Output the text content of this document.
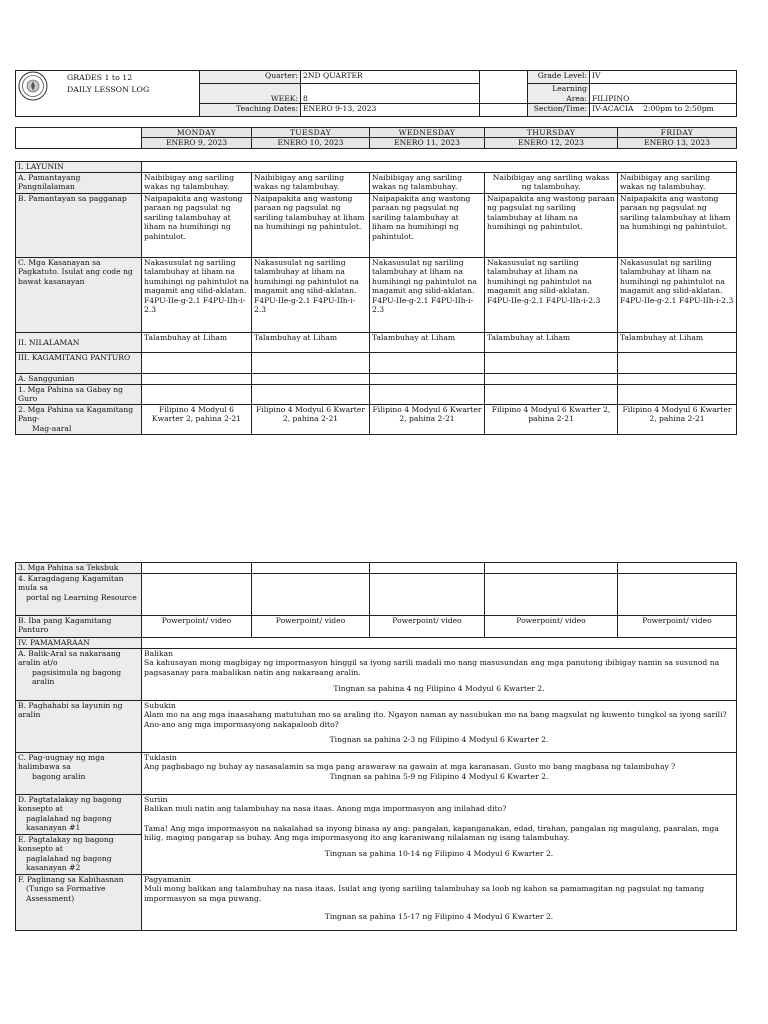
GRADES 1 to 12
DAILY LESSON LOG
Quarter:	2ND QUARTER		Grade Level:	IV
WEEK:	8		Learning Area:	FILIPINO
Teaching Dates:	ENERO 9-13, 2023		Section/Time:	IV-ACACIA    2:00pm to 2:50pm
	MONDAY	TUESDAY	WEDNESDAY	THURSDAY	FRIDAY
	ENERO 9, 2023	ENERO 10, 2023	ENERO 11, 2023	ENERO 12, 2023	ENERO 13, 2023
I. LAYUNIN					
A. Pamantayang Pangnilalaman	Naibibigay ang sariling wakas ng talambuhay.	Naibibigay ang sariling wakas ng talambuhay.	Naibibigay ang sariling wakas ng talambuhay.	Naibibigay ang sariling wakas ng talambuhay.	Naibibigay ang sariling wakas ng talambuhay.
B. Pamantayan sa pagganap	Naipapakita ang wastong paraan ng pagsulat ng sariling talambuhay at liham na humihingi ng pahintulot.	Naipapakita ang wastong paraan ng pagsulat ng sariling talambuhay at liham na humihingi ng pahintulot.	Naipapakita ang wastong paraan ng pagsulat ng sariling talambuhay at liham na humihingi ng pahintulot.	Naipapakita ang wastong paraan ng pagsulat ng sariling talambuhay at liham na humihingi ng pahintulot.	Naipapakita ang wastong paraan ng pagsulat ng sariling talambuhay at liham na humihingi ng pahintulot.
C. Mga Kasanayan sa Pagkatuto. Isulat ang code ng bawat kasanayan	Nakasusulat ng sariling talambuhay at liham na humihingi ng pahintulot na magamit ang silid-aklatan. F4PU-IIe-g-2.1 F4PU-IIh-i-2.3	Nakasusulat ng sariling talambuhay at liham na humihingi ng pahintulot na magamit ang silid-aklatan. F4PU-IIe-g-2.1 F4PU-IIh-i-2.3	Nakasusulat ng sariling talambuhay at liham na humihingi ng pahintulot na magamit ang silid-aklatan. F4PU-IIe-g-2.1 F4PU-IIh-i-2.3	Nakasusulat ng sariling talambuhay at liham na humihingi ng pahintulot na magamit ang silid-aklatan. F4PU-IIe-g-2.1 F4PU-IIh-i-2.3	Nakasusulat ng sariling talambuhay at liham na humihingi ng pahintulot na magamit ang silid-aklatan. F4PU-IIe-g-2.1 F4PU-IIh-i-2.3
II. NILALAMAN	Talambuhay at Liham	Talambuhay at Liham	Talambuhay at Liham	Talambuhay at Liham	Talambuhay at Liham
III. KAGAMITANG PANTURO					
A. Sanggunian					
1. Mga Pahina sa Gabay ng Guro					

2. Mga Pahina sa Kagamitang Pang-
Mag-aaral	Filipino 4 Modyul 6 Kwarter 2, pahina 2-21	Filipino 4 Modyul 6 Kwarter 2, pahina 2-21	Filipino 4 Modyul 6 Kwarter 2, pahina 2-21	Filipino 4 Modyul 6 Kwarter 2, pahina 2-21	Filipino 4 Modyul 6 Kwarter 2, pahina 2-21
3. Mga Pahina sa Teksbuk					

4. Karagdagang Kagamitan mula sa
portal ng Learning Resource					

B. Iba pang Kagamitang Panturo	Powerpoint/ video	Powerpoint/ video	Powerpoint/ video	Powerpoint/ video	Powerpoint/ video
IV. PAMAMARAAN					

A. Balik-Aral sa nakaraang aralin at/o
pagsisimula ng bagong aralin	Balikan
Sa kahusayan mong magbigay ng impormasyon hinggil sa iyong sarili madali mo nang masusundan ang mga panutong ibibigay namin sa susunod na pagsasanay para mabalikan natin ang nakaraang aralin.
Tingnan sa pahina 4 ng Filipino 4 Modyul 6 Kwarter 2.				

B. Paghahabi sa layunin ng aralin	Subukin
Alam mo na ang mga inaasahang matutuhan mo sa araling ito. Ngayon naman ay nasubukan mo na bang magsulat ng kuwento tungkol sa iyong sarili? Ano-ano ang mga impormasyong nakapaloob dito?
Tingnan sa pahina 2-3 ng Filipino 4 Modyul 6 Kwarter 2.				

C. Pag-uugnay ng mga halimbawa sa
bagong aralin	Tuklasin
Ang pagbabago ng buhay ay nasasalamin sa mga pang arawaraw na gawain at mga karanasan. Gusto mo bang magbasa ng talambuhay ?
Tingnan sa pahina 5-9 ng Filipino 4 Modyul 6 Kwarter 2.				

D. Pagtatalakay ng bagong konsepto at
paglalahad ng bagong kasanayan #1	Suriin
Balikan muli natin ang talambuhay na nasa itaas. Anong mga impormasyon ang inilahad dito?
Tama! Ang mga impormasyon na nakalahad sa inyong binasa ay ang: pangalan, kapanganakan, edad, tirahan, pangalan ng magulang, paaralan, mga hilig, maging pangarap sa buhay. Ang mga impormasyong ito ang karaniwang nilalaman ng isang talambuhay.
Tingnan sa pahina 10-14 ng Filipino 4 Modyul 6 Kwarter 2.				

E. Pagtalakay ng bagong konsepto at
paglalahad ng bagong kasanayan #2					

F. Paglinang sa Kabihasnan
(Tungo sa Formative Assessment)	Pagyamanin
Muli mong balikan ang talambuhay na nasa itaas. Isulat ang iyong sariling talambuhay sa loob ng kahon sa pamamagitan ng pagsulat ng tamang impormasyon sa mga puwang.
Tingnan sa pahina 15-17 ng Filipino 4 Modyul 6 Kwarter 2.				
